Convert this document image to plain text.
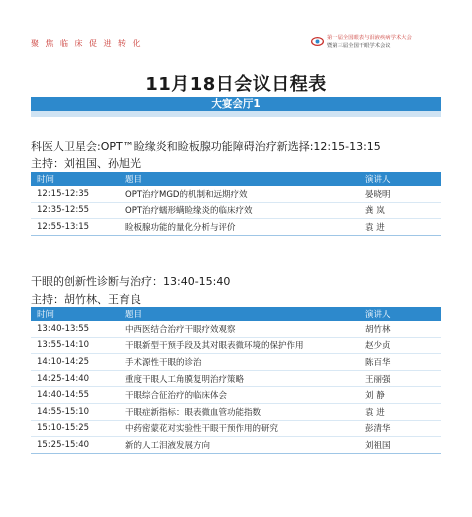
聚焦临床促进转化
第一届全国眼表与泪液疾病学术大会
暨第三届全国干眼学术会议
11月18日会议日程表
大宴会厅1
科医人卫星会:OPT™睑缘炎和睑板腺功能障碍治疗新选择:12:15-13:15
主持：刘祖国、孙旭光
时间	题目	演讲人
12:15-12:35	OPT治疗MGD的机制和远期疗效	晏晓明
12:35-12:55	OPT治疗蠕形螨睑缘炎的临床疗效	龚 岚
12:55-13:15	睑板腺功能的量化分析与评价	袁 进
干眼的创新性诊断与治疗：13:40-15:40
主持：胡竹林、王育良
时间	题目	演讲人
13:40-13:55	中西医结合治疗干眼疗效观察	胡竹林
13:55-14:10	干眼新型干预手段及其对眼表微环境的保护作用	赵少贞
14:10-14:25	手术源性干眼的诊治	陈百华
14:25-14:40	重度干眼人工角膜复明治疗策略	王丽强
14:40-14:55	干眼综合征治疗的临床体会	刘 静
14:55-15:10	干眼症新指标：眼表微血管功能指数	袁 进
15:10-15:25	中药密蒙花对实验性干眼干预作用的研究	彭清华
15:25-15:40	新的人工泪液发展方向	刘祖国
